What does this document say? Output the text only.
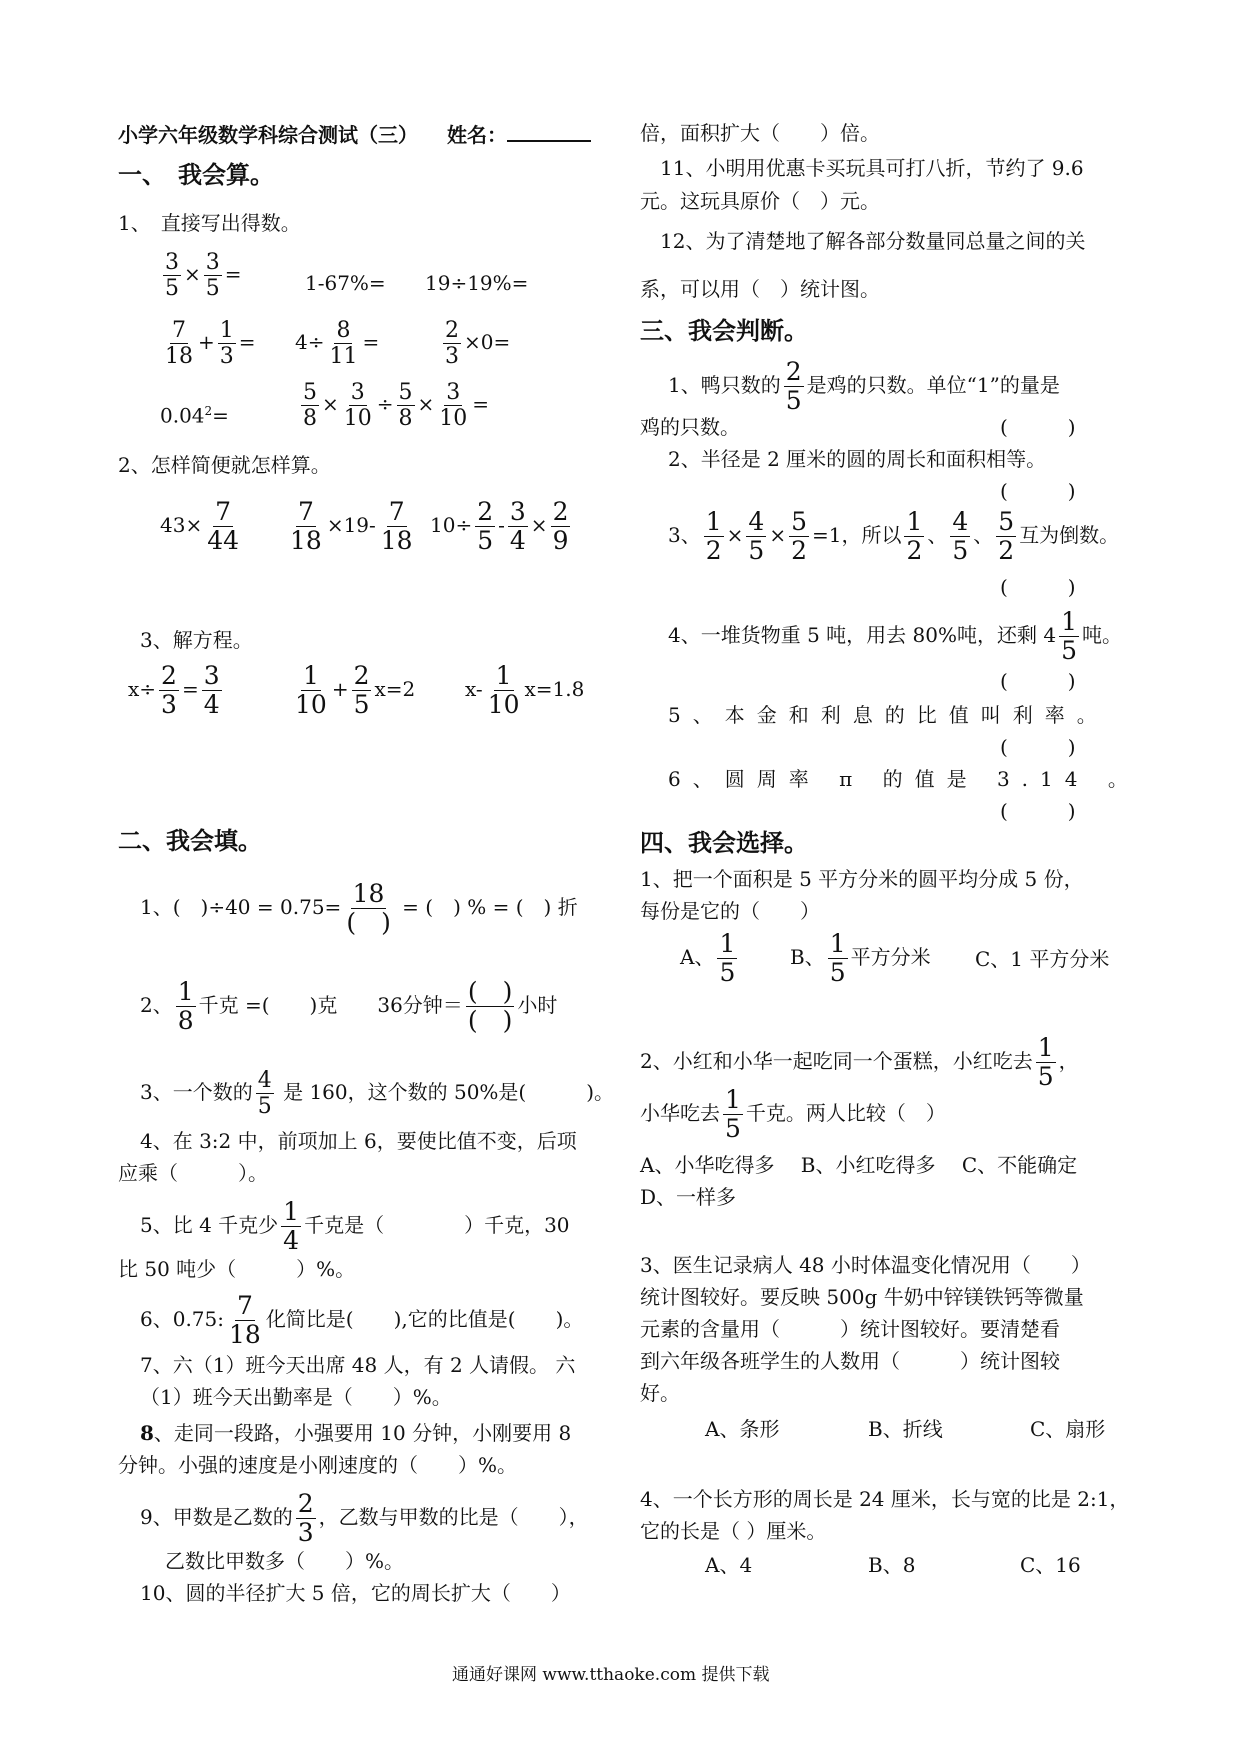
小学六年级数学科综合测试（三） 姓名：
一、　我会算。
1、　直接写出得数。
$\frac{3}{5} \times \frac{3}{5}$ =	1-67%= 19÷19%=
$\frac{7}{18} + \frac{1}{3} = 4\div \frac{8}{11}$ =	$\frac{2}{3} \times 0=$
$0.04^2=$	$\frac{5}{8} \times \frac{3}{10} \div \frac{5}{8} \times \frac{3}{10}$ =
2、怎样简便就怎样算。
$43\times \frac{7}{44} \frac{7}{18} \times 19- \frac{7}{18} 10\div \frac{2}{5} - \frac{3}{4} \times \frac{2}{9}$
3、解方程。
$x\div \frac{2}{3} = \frac{3}{4}$	$\frac{1}{10} + \frac{2}{5} x=2$ $x- \frac{1}{10} x=1.8$
二、我会填。
1、(　)$\div 40 = 0.75= \frac{18}{( )}$ = (　) % = (　) 折
2、 $\frac{1}{8}$ 千克 =(　　)克　　36分钟＝ $\frac{( )}{( )}$ 小时
3、一个数的 $\frac{4}{5}$ 是 160，这个数的 50%是(　　　)。
4、在 3:2 中，前项加上 6，要使比值不变，后项
应乘（　　　）。
5、比 4 千克少 $\frac{1}{4}$ 千克是（　　　　）千克，30
比 50 吨少（　　　）%。
6、0.75: $\frac{7}{18}$ 化简比是(　　),它的比值是(　　)。
7、六（1）班今天出席 48 人，有 2 人请假。 六
（1）班今天出勤率是（　　）%。
8、走同一段路，小强要用 10 分钟，小刚要用 8
分钟。小强的速度是小刚速度的（　　）%。
9、甲数是乙数的 $\frac{2}{3}$ ，乙数与甲数的比是（　　），
乙数比甲数多（　　）%。
10、圆的半径扩大 5 倍，它的周长扩大（　　）
倍，面积扩大（　　）倍。
11、小明用优惠卡买玩具可打八折，节约了 9.6
元。这玩具原价（　）元。
12、为了清楚地了解各部分数量同总量之间的关
系，可以用（　）统计图。
三、我会判断。
1、鸭只数的 $\frac{2}{5}$ 是鸡的只数。单位“1”的量是
鸡的只数。	(　　　)
2、半径是 2 厘米的圆的周长和面积相等。
(　　　)
3、 $\frac{1}{2} \times \frac{4}{5} \times \frac{5}{2} =1$，所以 $\frac{1}{2}$ 、 $\frac{4}{5}$ 、 $\frac{5}{2}$ 互为倒数。
(　　　)
4、一堆货物重 5 吨，用去 80%吨，还剩 $4 \frac{1}{5}$ 吨。
(　　　)
5、本金和利息的比值叫利率。
(　　　)
6、圆周率 π 的值是 3.14 。
(　　　)
四、我会选择。
1、把一个面积是 5 平方分米的圆平均分成 5 份，
每份是它的（　　）
A、 $\frac{1}{5}$	B、 $\frac{1}{5}$ 平方分米 C、1 平方分米
2、小红和小华一起吃同一个蛋糕，小红吃去 $\frac{1}{5}$ ，
小华吃去 $\frac{1}{5}$ 千克。两人比较（　）
A、小华吃得多　 B、小红吃得多　 C、不能确定
D、一样多
3、医生记录病人 48 小时体温变化情况用（　　）
统计图较好。要反映 500g 牛奶中锌镁铁钙等微量
元素的含量用（　　　）统计图较好。要清楚看
到六年级各班学生的人数用（　　　）统计图较
好。
A、条形	B、折线	C、扇形
4、一个长方形的周长是 24 厘米，长与宽的比是 2:1，
它的长是（ ）厘米。
A、4	B、8	C、16
通通好课网 www.tthaoke.com 提供下载
